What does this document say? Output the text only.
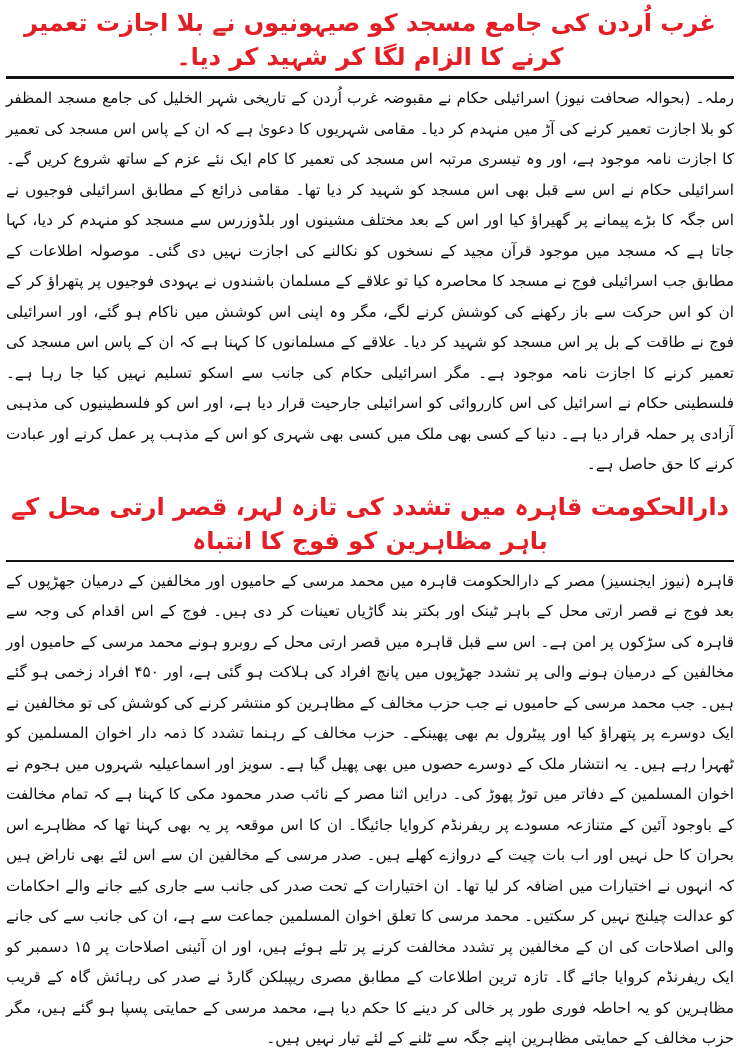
غرب اُردن کی جامع مسجد کو صیہونیوں نے بلا اجازت تعمیر کرنے کا الزام لگا کر شہید کر دیا۔

رملہ۔ (بحوالہ صحافت نیوز) اسرائیلی حکام نے مقبوضہ غرب اُردن کے تاریخی شہر الخلیل کی جامع مسجد المظفر کو بلا اجازت تعمیر کرنے کی آڑ میں منہدم کر دیا۔ مقامی شہریوں کا دعویٰ ہے کہ ان کے پاس اس مسجد کی تعمیر کا اجازت نامہ موجود ہے، اور وہ تیسری مرتبہ اس مسجد کی تعمیر کا کام ایک نئے عزم کے ساتھ شروع کریں گے۔ اسرائیلی حکام نے اس سے قبل بھی اس مسجد کو شہید کر دیا تھا۔ مقامی ذرائع کے مطابق اسرائیلی فوجیوں نے اس جگہ کا بڑے پیمانے پر گھیراؤ کیا اور اس کے بعد مختلف مشینوں اور بلڈوزرس سے مسجد کو منہدم کر دیا، کہا جاتا ہے کہ مسجد میں موجود قرآن مجید کے نسخوں کو نکالنے کی اجازت نہیں دی گئی۔ موصولہ اطلاعات کے مطابق جب اسرائیلی فوج نے مسجد کا محاصرہ کیا تو علاقے کے مسلمان باشندوں نے یہودی فوجیوں پر پتھراؤ کر کے ان کو اس حرکت سے باز رکھنے کی کوشش کرنے لگے، مگر وہ اپنی اس کوشش میں ناکام ہو گئے، اور اسرائیلی فوج نے طاقت کے بل پر اس مسجد کو شہید کر دیا۔ علاقے کے مسلمانوں کا کہنا ہے کہ ان کے پاس اس مسجد کی تعمیر کرنے کا اجازت نامہ موجود ہے۔ مگر اسرائیلی حکام کی جانب سے اسکو تسلیم نہیں کیا جا رہا ہے۔ فلسطینی حکام نے اسرائیل کی اس کارروائی کو اسرائیلی جارحیت قرار دیا ہے، اور اس کو فلسطینیوں کی مذہبی آزادی پر حملہ قرار دیا ہے۔ دنیا کے کسی بھی ملک میں کسی بھی شہری کو اس کے مذہب پر عمل کرنے اور عبادت کرنے کا حق حاصل ہے۔

دارالحکومت قاہرہ میں تشدد کی تازہ لہر، قصر ارتی محل کے باہر مظاہرین کو فوج کا انتباہ

قاہرہ (نیوز ایجنسیز) مصر کے دارالحکومت قاہرہ میں محمد مرسی کے حامیوں اور مخالفین کے درمیان جھڑپوں کے بعد فوج نے قصر ارتی محل کے باہر ٹینک اور بکتر بند گاڑیاں تعینات کر دی ہیں۔ فوج کے اس اقدام کی وجہ سے قاہرہ کی سڑکوں پر امن ہے۔ اس سے قبل قاہرہ میں قصر ارتی محل کے روبرو ہونے محمد مرسی کے حامیوں اور مخالفین کے درمیان ہونے والی پر تشدد جھڑپوں میں پانچ افراد کی ہلاکت ہو گئی ہے، اور ۴۵۰ افراد زخمی ہو گئے ہیں۔ جب محمد مرسی کے حامیوں نے جب حزب مخالف کے مظاہرین کو منتشر کرنے کی کوشش کی تو مخالفین نے ایک دوسرے پر پتھراؤ کیا اور پیٹرول بم بھی پھینکے۔ حزب مخالف کے رہنما تشدد کا ذمہ دار اخوان المسلمین کو ٹھہرا رہے ہیں۔ یہ انتشار ملک کے دوسرے حصوں میں بھی پھیل گیا ہے۔ سویز اور اسماعیلیہ شہروں میں ہجوم نے اخوان المسلمین کے دفاتر میں توڑ پھوڑ کی۔ درایں اثنا مصر کے نائب صدر محمود مکی کا کہنا ہے کہ تمام مخالفت کے باوجود آئین کے متنازعہ مسودے پر ریفرنڈم کروایا جائیگا۔ ان کا اس موقعہ پر یہ بھی کہنا تھا کہ مظاہرے اس بحران کا حل نہیں اور اب بات چیت کے دروازے کھلے ہیں۔ صدر مرسی کے مخالفین ان سے اس لئے بھی ناراض ہیں کہ انہوں نے اختیارات میں اضافہ کر لیا تھا۔ ان اختیارات کے تحت صدر کی جانب سے جاری کیے جانے والے احکامات کو عدالت چیلنج نہیں کر سکتیں۔ محمد مرسی کا تعلق اخوان المسلمین جماعت سے ہے، ان کی جانب سے کی جانے والی اصلاحات کی ان کے مخالفین پر تشدد مخالفت کرنے پر تلے ہوئے ہیں، اور ان آئینی اصلاحات پر ۱۵ دسمبر کو ایک ریفرنڈم کروایا جائے گا۔ تازہ ترین اطلاعات کے مطابق مصری ریپبلکن گارڈ نے صدر کی رہائش گاہ کے قریب مظاہرین کو یہ احاطہ فوری طور پر خالی کر دینے کا حکم دیا ہے، محمد مرسی کے حمایتی پسپا ہو گئے ہیں، مگر حزب مخالف کے حمایتی مظاہرین اپنے جگہ سے ٹلنے کے لئے تیار نہیں ہیں۔
